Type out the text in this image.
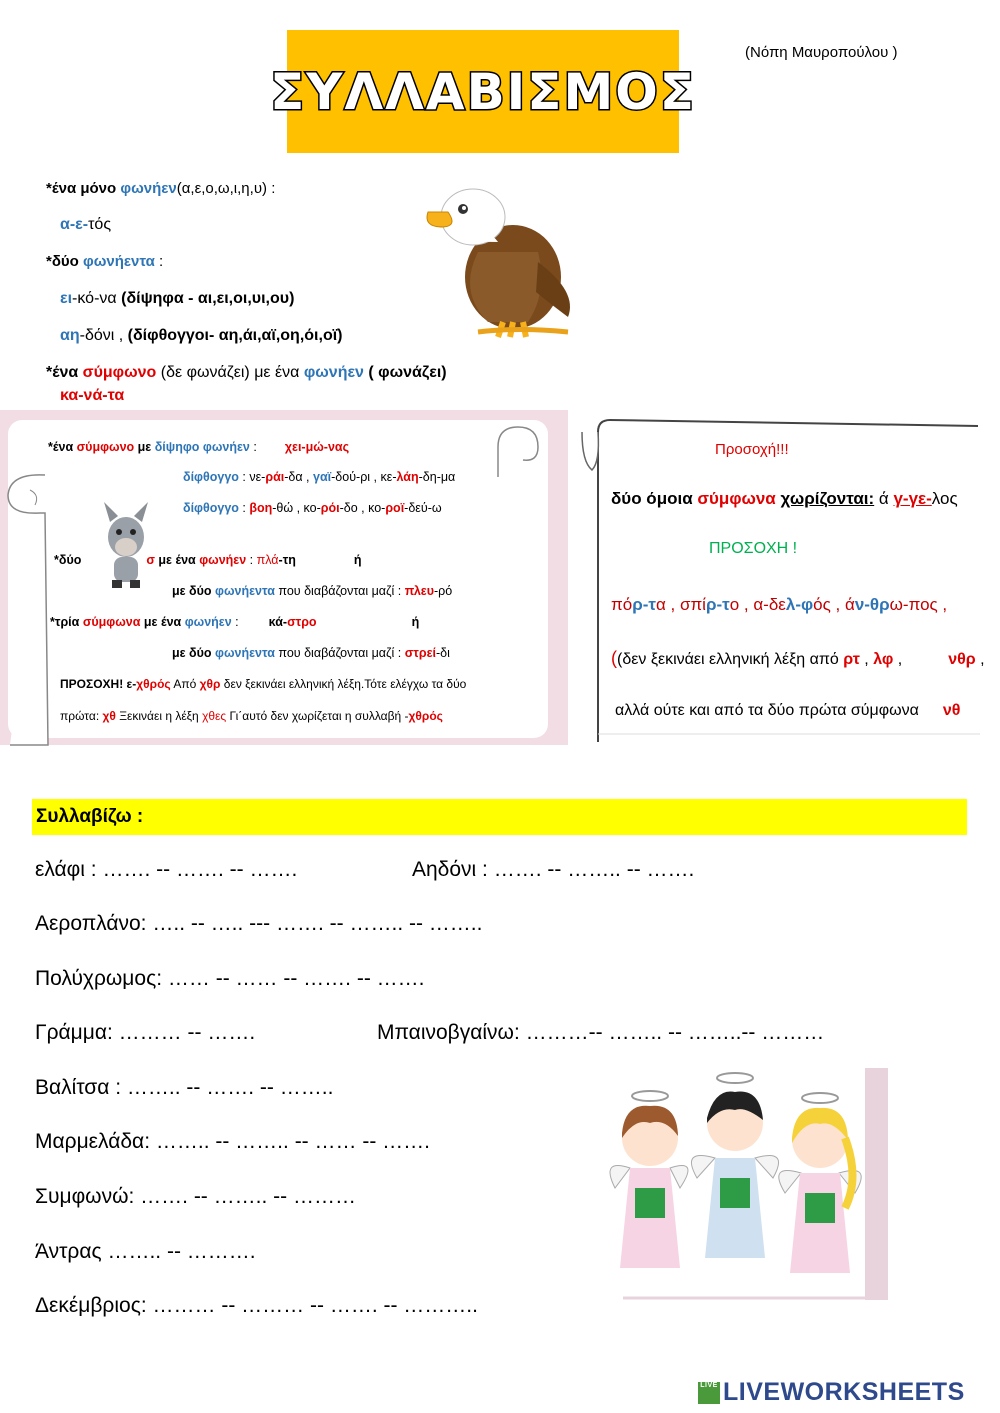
ΣΥΛΛΑΒΙΣΜΟΣ
(Νόπη Μαυροπούλου )
*ένα μόνο φωνήεν(α,ε,ο,ω,ι,η,υ) :
α-ε-τός
*δύο φωνήεντα :
ει-κό-να (δίψηφα - αι,ει,οι,υι,ου)
αη-δόνι , (δίφθογγοι- αη,άι,αϊ,οη,όι,οϊ)
*ένα σύμφωνο (δε φωνάζει) με ένα φωνήεν ( φωνάζει)
κα-νά-τα
*ένα σύμφωνο με δίψηφο φωνήεν : χει-μώ-νας
δίφθογγο : νε-ράι-δα , γαϊ-δού-ρι , κε-λάη-δη-μα
δίφθογγο : βοη-θώ , κο-ρόι-δο , κο-ροϊ-δεύ-ω
*δύο	σ με ένα φωνήεν : πλά-τη	ή
με δύο φωνήεντα που διαβάζονται μαζί : πλευ-ρό
*τρία σύμφωνα με ένα φωνήεν : κά-στρο	ή
με δύο φωνήεντα που διαβάζονται μαζί : στρεί-δι
ΠΡΟΣΟΧΗ! ε-χθρός Από χθρ δεν ξεκινάει ελληνική λέξη.Τότε ελέγχω τα δύο
πρώτα: χθ Ξεκινάει η λέξη χθες Γι΄αυτό δεν χωρίζεται η συλλαβή -χθρός
Προσοχή!!!
δύο όμοια σύμφωνα χωρίζονται: ά γ-γε-λος
ΠΡΟΣΟΧΗ !
πόρ-τα , σπίρ-το , α-δελ-φός , άν-θρω-πος ,
((δεν ξεκινάει ελληνική λέξη από ρτ , λφ ,	νθρ ,
αλλά ούτε και από τα δύο πρώτα σύμφωνα νθ
Συλλαβίζω :
ελάφι : ……. -- ……. -- …….	Αηδόνι : ……. -- …….. -- …….
Αεροπλάνο: ….. -- ….. --- ……. -- …….. -- ……..
Πολύχρωμος: …… -- …… -- ……. -- …….
Γράμμα: ……… -- …….	Μπαινοβγαίνω: ………-- …….. -- ……..-- ………
Βαλίτσα : …….. -- ……. -- ……..
Μαρμελάδα: …….. -- …….. -- …… -- …….
Συμφωνώ: ……. -- …….. -- ………
Άντρας …….. -- ……….
Δεκέμβριος: ……… -- ……… -- ……. -- ………..
LIVE LIVEWORKSHEETS
